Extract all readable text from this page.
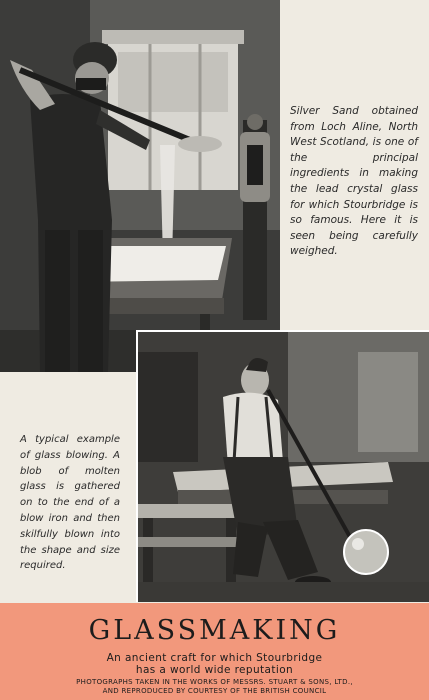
Silver Sand obtained from Loch Aline, North West Scotland, is one of the principal ingredients in making the lead crystal glass for which Stourbridge is so famous. Here it is seen being carefully weighed.
A typical example of glass blowing. A blob of molten glass is gathered on to the end of a blow iron and then skilfully blown into the shape and size required.
GLASSMAKING
An ancient craft for which Stourbridge
has a world wide reputation
PHOTOGRAPHS TAKEN IN THE WORKS OF MESSRS. STUART & SONS, LTD.,
AND REPRODUCED BY COURTESY OF THE BRITISH COUNCIL
